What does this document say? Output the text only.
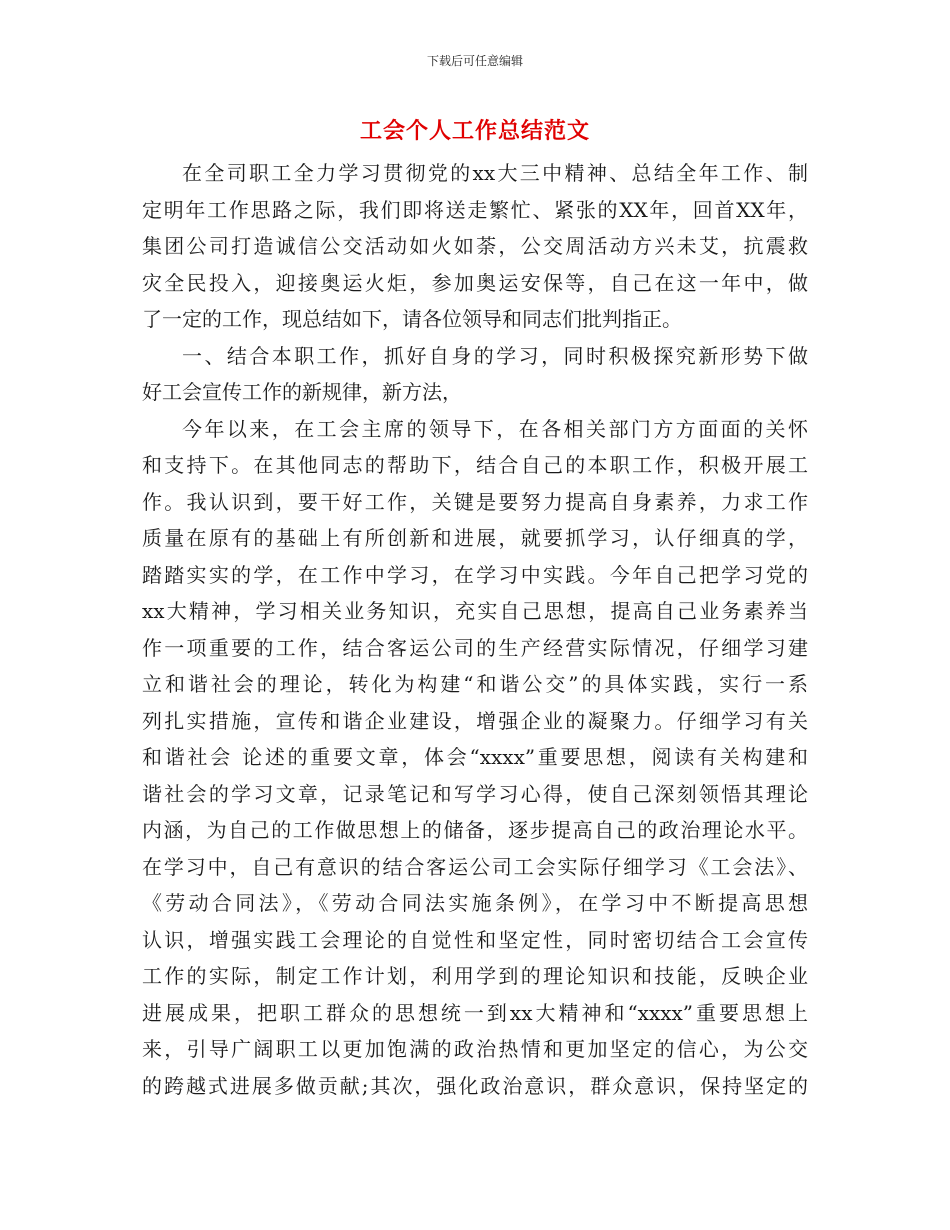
下载后可任意编辑
工会个人工作总结范文
在全司职工全力学习贯彻党的xx大三中精神、总结全年工作、制
定明年工作思路之际，我们即将送走繁忙、紧张的XX年，回首XX年，
集团公司打造诚信公交活动如火如荼，公交周活动方兴未艾，抗震救
灾全民投入，迎接奥运火炬，参加奥运安保等，自己在这一年中，做
了一定的工作，现总结如下，请各位领导和同志们批判指正。
一、结合本职工作，抓好自身的学习，同时积极探究新形势下做
好工会宣传工作的新规律，新方法，
今年以来，在工会主席的领导下，在各相关部门方方面面的关怀
和支持下。在其他同志的帮助下，结合自己的本职工作，积极开展工
作。我认识到，要干好工作，关键是要努力提高自身素养，力求工作
质量在原有的基础上有所创新和进展，就要抓学习，认仔细真的学，
踏踏实实的学，在工作中学习，在学习中实践。今年自己把学习党的
xx大精神，学习相关业务知识，充实自己思想，提高自己业务素养当
作一项重要的工作，结合客运公司的生产经营实际情况，仔细学习建
立和谐社会的理论，转化为构建“和谐公交”的具体实践，实行一系
列扎实措施，宣传和谐企业建设，增强企业的凝聚力。仔细学习有关
和谐社会 论述的重要文章，体会“xxxx”重要思想，阅读有关构建和
谐社会的学习文章，记录笔记和写学习心得，使自己深刻领悟其理论
内涵，为自己的工作做思想上的储备，逐步提高自己的政治理论水平。
在学习中，自己有意识的结合客运公司工会实际仔细学习《工会法》、
《劳动合同法》，《劳动合同法实施条例》，在学习中不断提高思想
认识，增强实践工会理论的自觉性和坚定性，同时密切结合工会宣传
工作的实际，制定工作计划，利用学到的理论知识和技能，反映企业
进展成果，把职工群众的思想统一到xx大精神和“xxxx”重要思想上
来，引导广阔职工以更加饱满的政治热情和更加坚定的信心，为公交
的跨越式进展多做贡献;其次，强化政治意识，群众意识，保持坚定的
